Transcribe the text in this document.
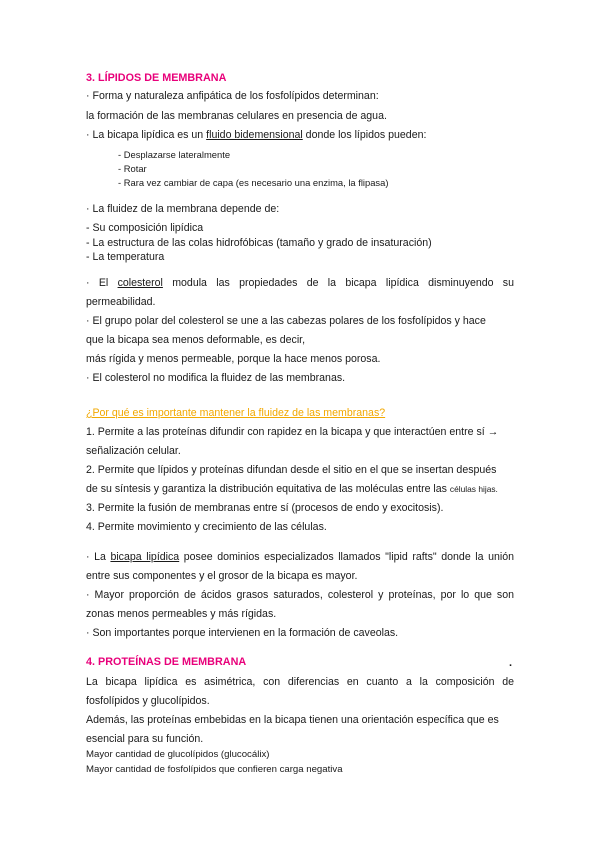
3. LÍPIDOS DE MEMBRANA
· Forma y naturaleza anfipática de los fosfolípidos determinan:
la formación de las membranas celulares en presencia de agua.
· La bicapa lipídica es un fluido bidemensional donde los lípidos pueden:
- Desplazarse lateralmente
- Rotar
- Rara vez cambiar de capa (es necesario una enzima, la flipasa)
· La fluidez de la membrana depende de:
- Su composición lipídica
- La estructura de las colas hidrofóbicas (tamaño y grado de insaturación)
- La temperatura
· El colesterol modula las propiedades de la bicapa lipídica disminuyendo su
permeabilidad.
· El grupo polar del colesterol se une a las cabezas polares de los fosfolípidos y hace
que la bicapa sea menos deformable, es decir,
más rígida y menos permeable, porque la hace menos porosa.
· El colesterol no modifica la fluidez de las membranas.
¿Por qué es importante mantener la fluidez de las membranas?
1. Permite a las proteínas difundir con rapidez en la bicapa y que interactúen entre sí →
señalización celular.
2. Permite que lípidos y proteínas difundan desde el sitio en el que se insertan después
de su síntesis y garantiza la distribución equitativa de las moléculas entre las células hijas.
3. Permite la fusión de membranas entre sí (procesos de endo y exocitosis).
4. Permite movimiento y crecimiento de las células.
· La bicapa lipídica posee dominios especializados llamados "lipid rafts" donde la unión
entre sus componentes y el grosor de la bicapa es mayor.
· Mayor proporción de ácidos grasos saturados, colesterol y proteínas, por lo que son
zonas menos permeables y más rígidas.
· Son importantes porque intervienen en la formación de caveolas.
4. PROTEÍNAS DE MEMBRANA	.
La bicapa lipídica es asimétrica, con diferencias en cuanto a la composición de
fosfolípidos y glucolípidos.
Además, las proteínas embebidas en la bicapa tienen una orientación específica que es
esencial para su función.
Mayor cantidad de glucolípidos (glucocálix)
Mayor cantidad de fosfolípidos que confieren carga negativa
